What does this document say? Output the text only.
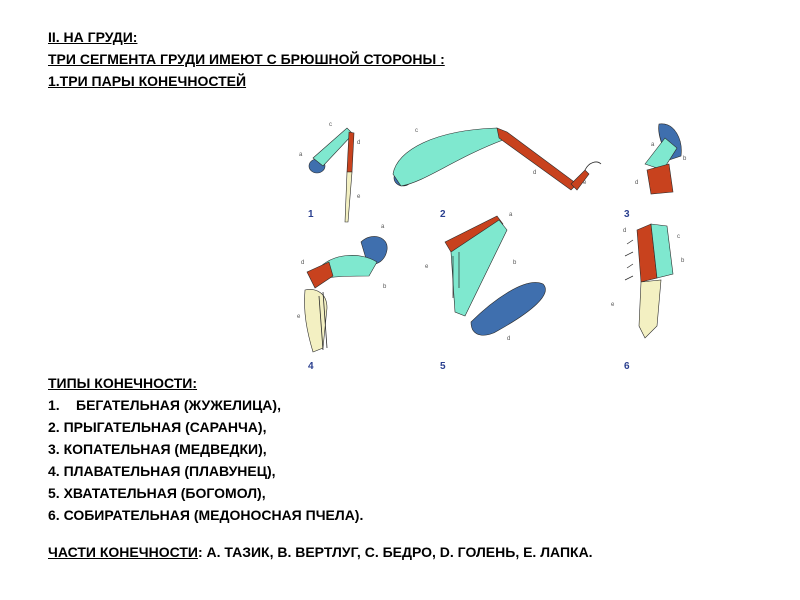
II. НА ГРУДИ:
ТРИ СЕГМЕНТА ГРУДИ ИМЕЮТ С БРЮШНОЙ СТОРОНЫ :
1.ТРИ ПАРЫ КОНЕЧНОСТЕЙ
c
d
a
e
1
c
d
e
2
a
b
d
3
d
a
b
e
4
a
e
b
d
5
d
c
b
e
6
ТИПЫ КОНЕЧНОСТИ:
1. БЕГАТЕЛЬНАЯ (ЖУЖЕЛИЦА),
2. ПРЫГАТЕЛЬНАЯ (САРАНЧА),
3. КОПАТЕЛЬНАЯ (МЕДВЕДКИ),
4. ПЛАВАТЕЛЬНАЯ (ПЛАВУНЕЦ),
5. ХВАТАТЕЛЬНАЯ (БОГОМОЛ),
6. СОБИРАТЕЛЬНАЯ (МЕДОНОСНАЯ ПЧЕЛА).
ЧАСТИ КОНЕЧНОСТИ: А. ТАЗИК, В. ВЕРТЛУГ, С. БЕДРО, D. ГОЛЕНЬ, Е. ЛАПКА.
